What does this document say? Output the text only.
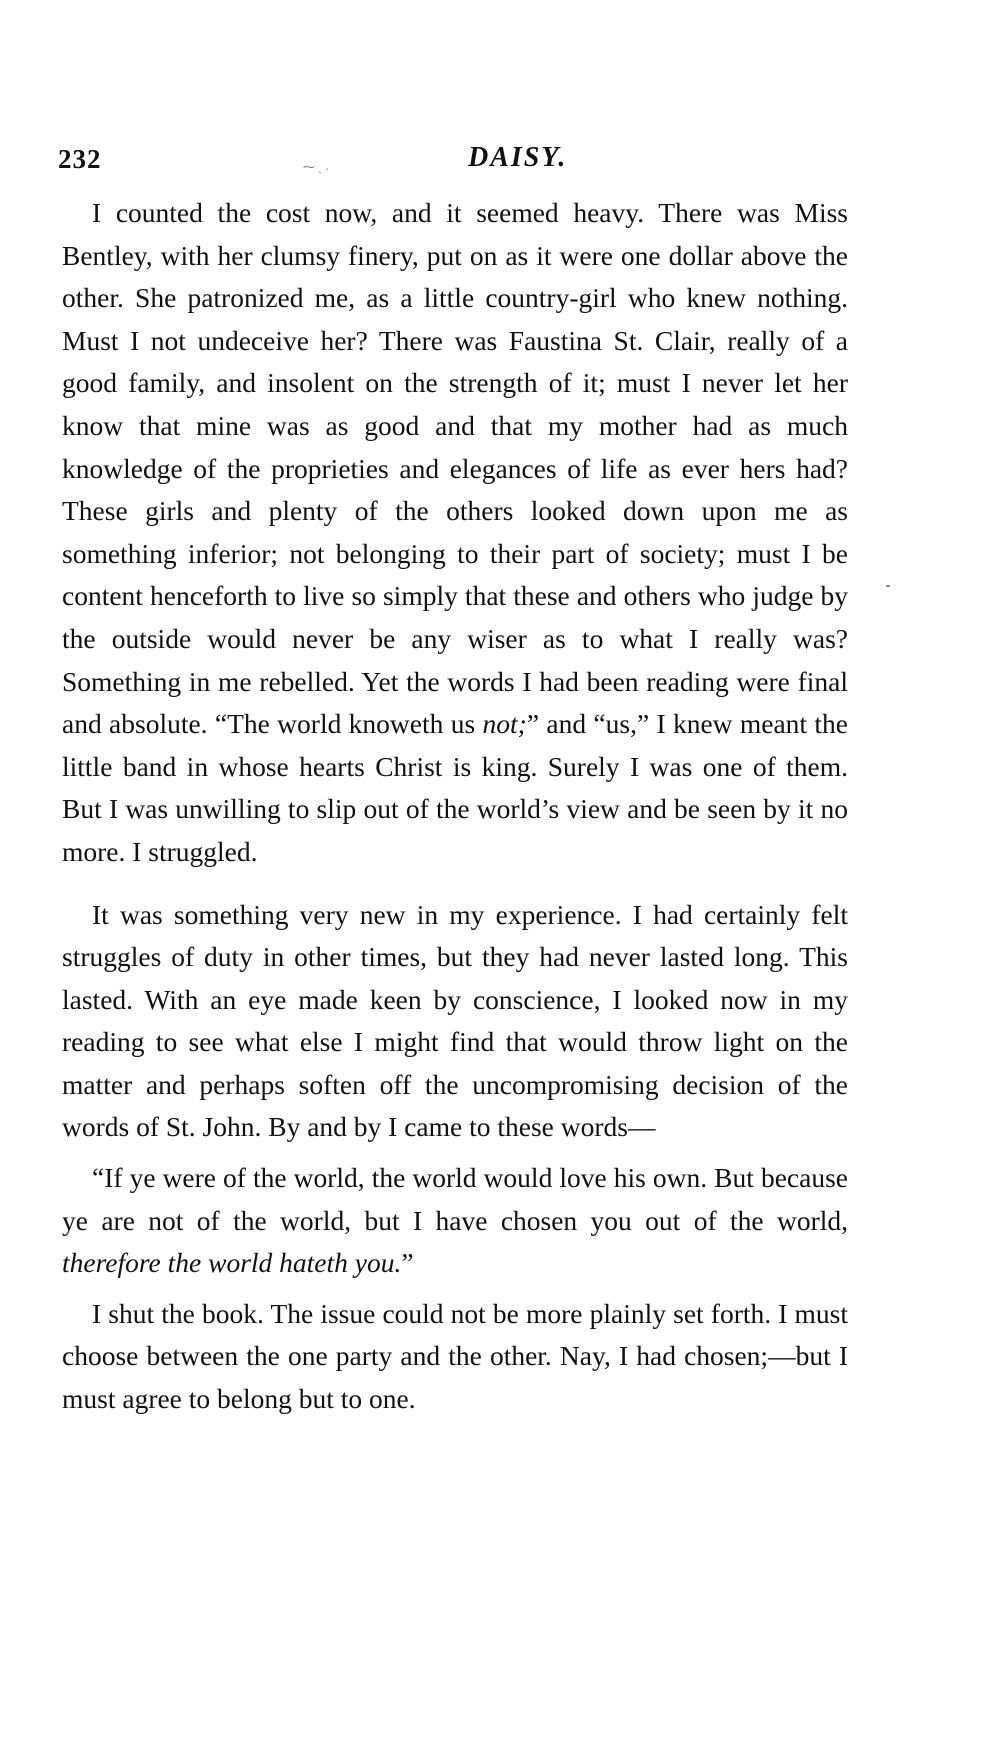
232	⁓ ˏ ˒	DAISY.

I counted the cost now, and it seemed heavy. There was Miss Bentley, with her clumsy finery, put on as it were one dollar above the other. She patronized me, as a little country-girl who knew nothing. Must I not undeceive her? There was Faustina St. Clair, really of a good family, and insolent on the strength of it; must I never let her know that mine was as good and that my mother had as much knowledge of the proprieties and elegances of life as ever hers had? These girls and plenty of the others looked down upon me as something inferior; not belonging to their part of society; must I be content henceforth to live so simply that these and others who judge by the outside would never be any wiser as to what I really was? Something in me rebelled. Yet the words I had been reading were final and absolute. “The world knoweth us not;” and “us,” I knew meant the little band in whose hearts Christ is king. Surely I was one of them. But I was unwilling to slip out of the world’s view and be seen by it no more. I struggled.

It was something very new in my experience. I had certainly felt struggles of duty in other times, but they had never lasted long. This lasted. With an eye made keen by conscience, I looked now in my reading to see what else I might find that would throw light on the matter and perhaps soften off the uncompromising decision of the words of St. John. By and by I came to these words—

“If ye were of the world, the world would love his own. But because ye are not of the world, but I have chosen you out of the world, therefore the world hateth you.”

I shut the book. The issue could not be more plainly set forth. I must choose between the one party and the other. Nay, I had chosen;—but I must agree to belong but to one.
